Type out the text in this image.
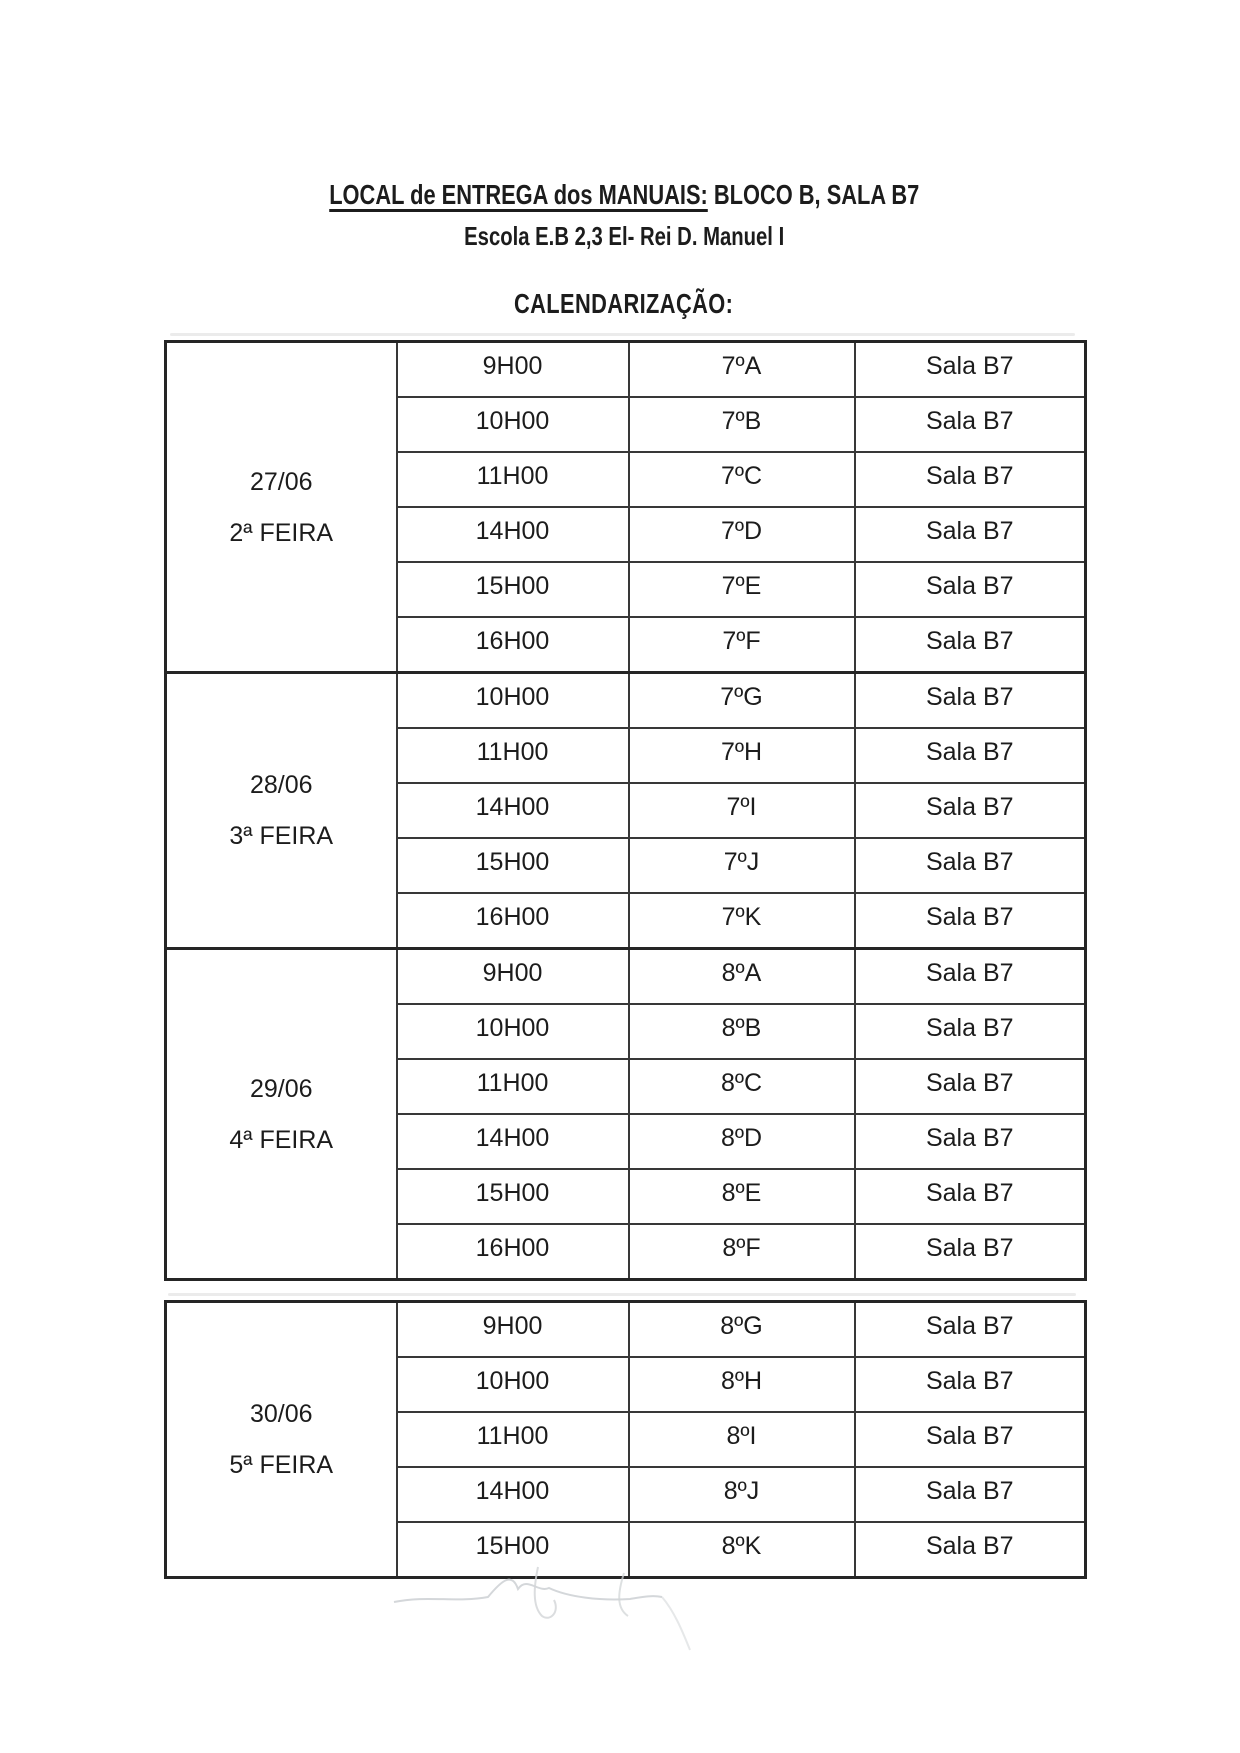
LOCAL de ENTREGA dos MANUAIS: BLOCO B, SALA B7
Escola E.B 2,3 El- Rei D. Manuel I
CALENDARIZAÇÃO:
27/06
2ª FEIRA	9H00	7ºA	Sala B7
	10H00	7ºB	Sala B7
	11H00	7ºC	Sala B7
	14H00	7ºD	Sala B7
	15H00	7ºE	Sala B7
	16H00	7ºF	Sala B7

28/06
3ª FEIRA	10H00	7ºG	Sala B7
	11H00	7ºH	Sala B7
	14H00	7ºI	Sala B7
	15H00	7ºJ	Sala B7
	16H00	7ºK	Sala B7

29/06
4ª FEIRA	9H00	8ºA	Sala B7
	10H00	8ºB	Sala B7
	11H00	8ºC	Sala B7
	14H00	8ºD	Sala B7
	15H00	8ºE	Sala B7
	16H00	8ºF	Sala B7
30/06
5ª FEIRA	9H00	8ºG	Sala B7
	10H00	8ºH	Sala B7
	11H00	8ºI	Sala B7
	14H00	8ºJ	Sala B7
	15H00	8ºK	Sala B7
